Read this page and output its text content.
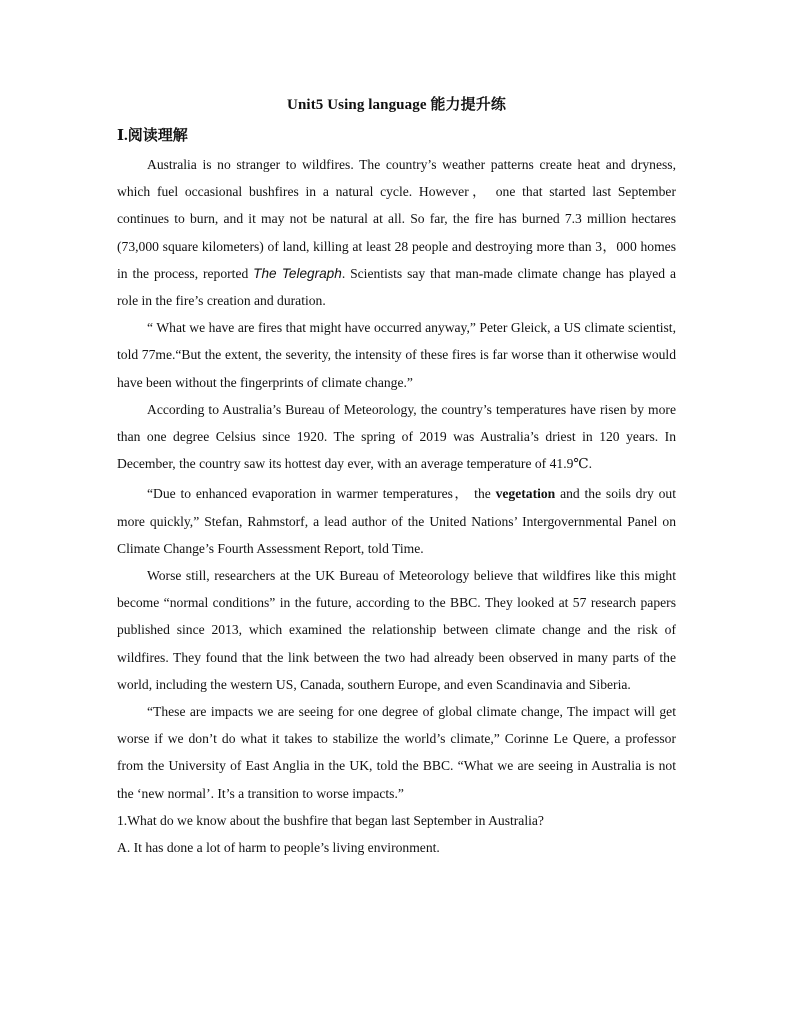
Unit5 Using language 能力提升练
Ⅰ.阅读理解

Australia is no stranger to wildfires. The country’s weather patterns create heat and dryness, which fuel occasional bushfires in a natural cycle. However， one that started last September continues to burn, and it may not be natural at all. So far, the fire has burned 7.3 million hectares (73,000 square kilometers) of land, killing at least 28 people and destroying more than 3，000 homes in the process, reported The Telegraph. Scientists say that man-made climate change has played a role in the fire’s creation and duration.

“ What we have are fires that might have occurred anyway,” Peter Gleick, a US climate scientist, told 77me.“But the extent, the severity, the intensity of these fires is far worse than it otherwise would have been without the fingerprints of climate change.”

According to Australia’s Bureau of Meteorology, the country’s temperatures have risen by more than one degree Celsius since 1920. The spring of 2019 was Australia’s driest in 120 years. In December, the country saw its hottest day ever, with an average temperature of 41.9℃.

“Due to enhanced evaporation in warmer temperatures， the vegetation and the soils dry out more quickly,” Stefan, Rahmstorf, a lead author of the United Nations’ Intergovernmental Panel on Climate Change’s Fourth Assessment Report, told Time.

Worse still, researchers at the UK Bureau of Meteorology believe that wildfires like this might become “normal conditions” in the future, according to the BBC. They looked at 57 research papers published since 2013, which examined the relationship between climate change and the risk of wildfires. They found that the link between the two had already been observed in many parts of the world, including the western US, Canada, southern Europe, and even Scandinavia and Siberia.

“These are impacts we are seeing for one degree of global climate change, The impact will get worse if we don’t do what it takes to stabilize the world’s climate,” Corinne Le Quere, a professor from the University of East Anglia in the UK, told the BBC. “What we are seeing in Australia is not the ‘new normal’. It’s a transition to worse impacts.”

1.What do we know about the bushfire that began last September in Australia?

A. It has done a lot of harm to people’s living environment.
